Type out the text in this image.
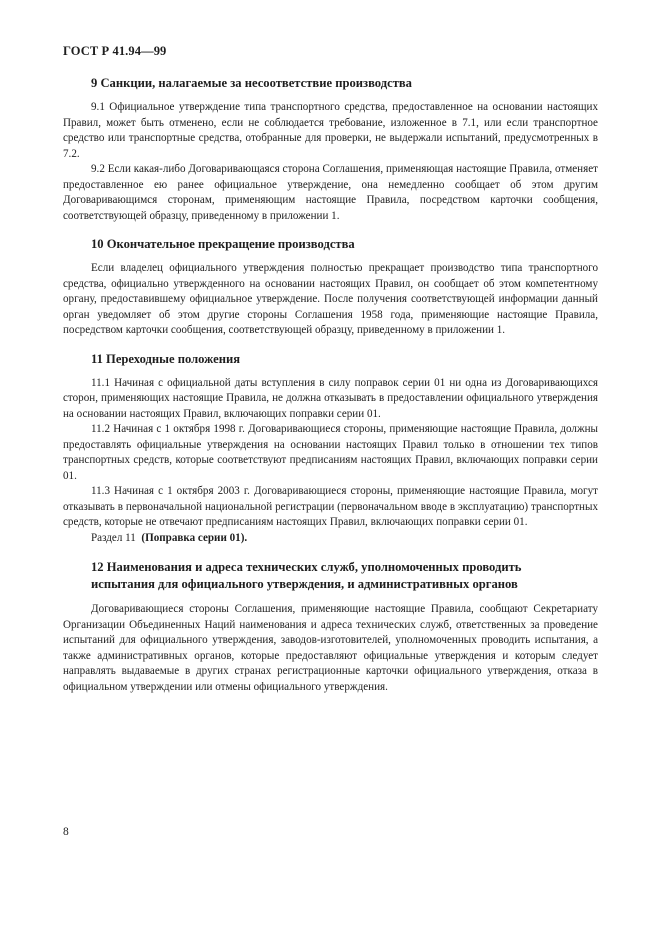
ГОСТ Р 41.94—99
9 Санкции, налагаемые за несоответствие производства

9.1 Официальное утверждение типа транспортного средства, предоставленное на основании настоящих Правил, может быть отменено, если не соблюдается требование, изложенное в 7.1, или если транспортное средство или транспортные средства, отобранные для проверки, не выдержали испытаний, предусмотренных в 7.2.

9.2 Если какая-либо Договаривающаяся сторона Соглашения, применяющая настоящие Правила, отменяет предоставленное ею ранее официальное утверждение, она немедленно сообщает об этом другим Договаривающимся сторонам, применяющим настоящие Правила, посредством карточки сообщения, соответствующей образцу, приведенному в приложении 1.

10 Окончательное прекращение производства

Если владелец официального утверждения полностью прекращает производство типа транспортного средства, официально утвержденного на основании настоящих Правил, он сообщает об этом компетентному органу, предоставившему официальное утверждение. После получения соответствующей информации данный орган уведомляет об этом другие стороны Соглашения 1958 года, применяющие настоящие Правила, посредством карточки сообщения, соответствующей образцу, приведенному в приложении 1.

11 Переходные положения

11.1 Начиная с официальной даты вступления в силу поправок серии 01 ни одна из Договаривающихся сторон, применяющих настоящие Правила, не должна отказывать в предоставлении официального утверждения на основании настоящих Правил, включающих поправки серии 01.

11.2 Начиная с 1 октября 1998 г. Договаривающиеся стороны, применяющие настоящие Правила, должны предоставлять официальные утверждения на основании настоящих Правил только в отношении тех типов транспортных средств, которые соответствуют предписаниям настоящих Правил, включающих поправки серии 01.

11.3 Начиная с 1 октября 2003 г. Договаривающиеся стороны, применяющие настоящие Правила, могут отказывать в первоначальной национальной регистрации (первоначальном вводе в эксплуатацию) транспортных средств, которые не отвечают предписаниям настоящих Правил, включающих поправки серии 01.

Раздел 11 (Поправка серии 01).

12 Наименования и адреса технических служб, уполномоченных проводить
испытания для официального утверждения, и административных органов

Договаривающиеся стороны Соглашения, применяющие настоящие Правила, сообщают Секретариату Организации Объединенных Наций наименования и адреса технических служб, ответственных за проведение испытаний для официального утверждения, заводов-изготовителей, уполномоченных проводить испытания, а также административных органов, которые предоставляют официальные утверждения и которым следует направлять выдаваемые в других странах регистрационные карточки официального утверждения, отказа в официальном утверждении или отмены официального утверждения.

8
